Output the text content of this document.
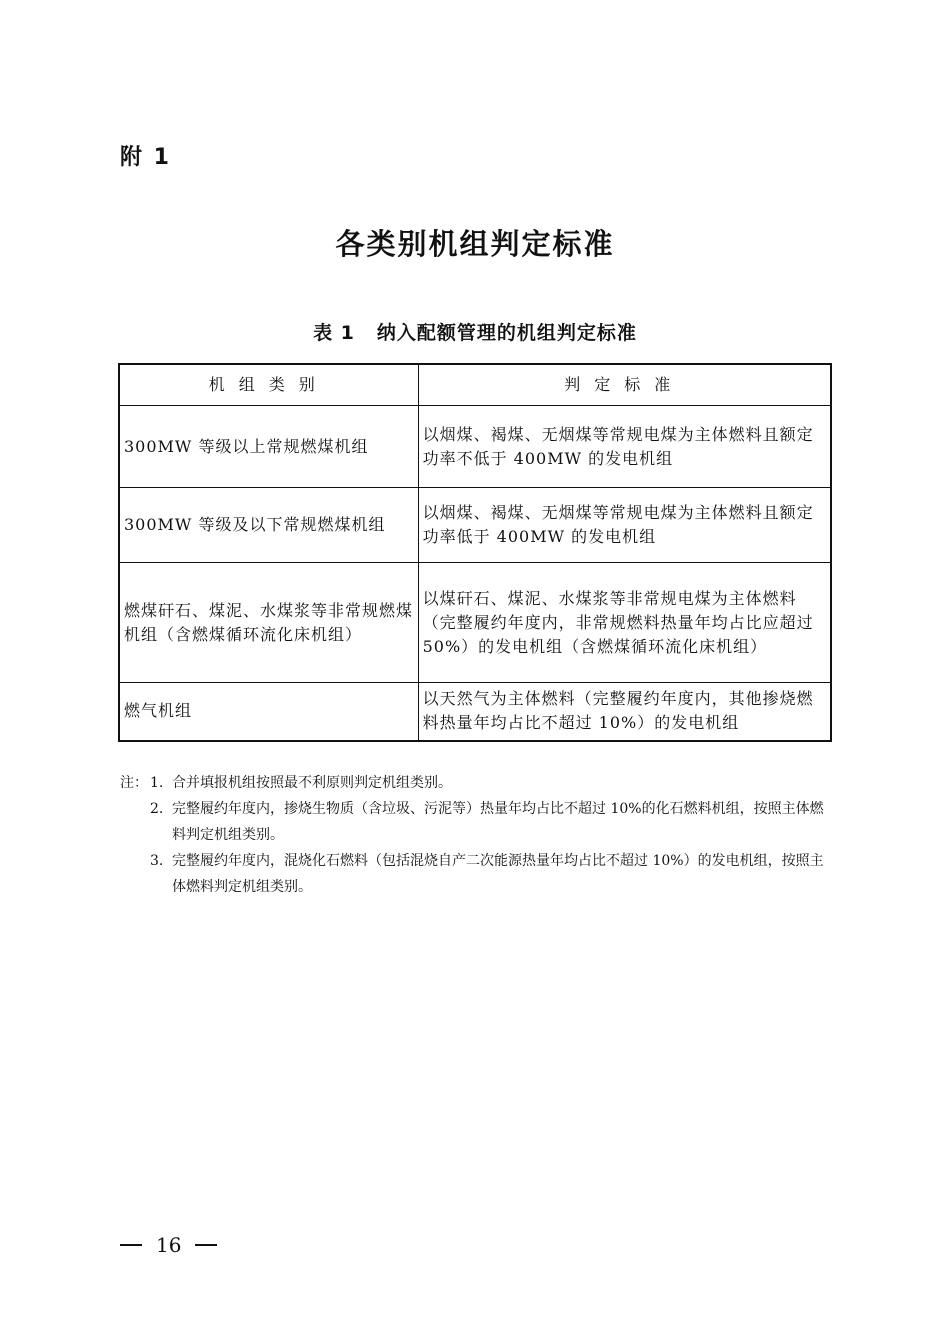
附 1
各类别机组判定标准
表 1 纳入配额管理的机组判定标准
机组类别	判定标准
300MW 等级以上常规燃煤机组	以烟煤、褐煤、无烟煤等常规电煤为主体燃料且额定功率不低于 400MW 的发电机组
300MW 等级及以下常规燃煤机组	以烟煤、褐煤、无烟煤等常规电煤为主体燃料且额定功率低于 400MW 的发电机组
燃煤矸石、煤泥、水煤浆等非常规燃煤机组（含燃煤循环流化床机组）	以煤矸石、煤泥、水煤浆等非常规电煤为主体燃料（完整履约年度内，非常规燃料热量年均占比应超过 50%）的发电机组（含燃煤循环流化床机组）
燃气机组	以天然气为主体燃料（完整履约年度内，其他掺烧燃料热量年均占比不超过 10%）的发电机组
注： 1. 合并填报机组按照最不利原则判定机组类别。
2. 完整履约年度内，掺烧生物质（含垃圾、污泥等）热量年均占比不超过 10%的化石燃料机组，按照主体燃料判定机组类别。
3. 完整履约年度内，混烧化石燃料（包括混烧自产二次能源热量年均占比不超过 10%）的发电机组，按照主体燃料判定机组类别。
16
